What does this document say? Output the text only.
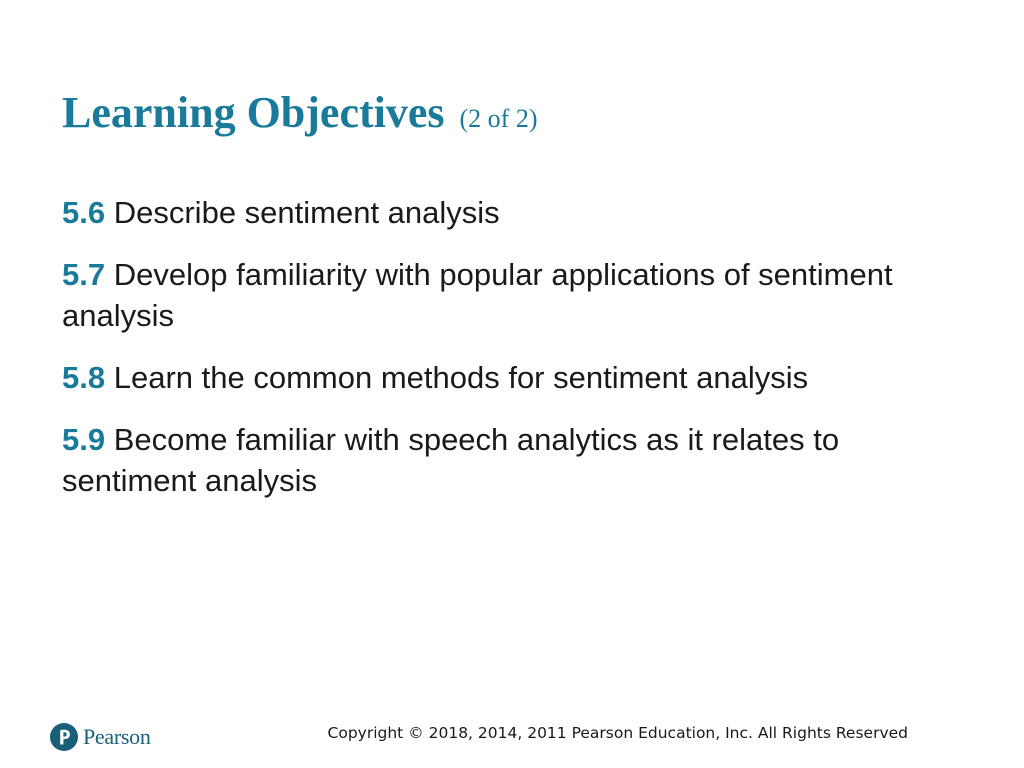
Learning Objectives (2 of 2)
5.6 Describe sentiment analysis
5.7 Develop familiarity with popular applications of sentiment analysis
5.8 Learn the common methods for sentiment analysis
5.9 Become familiar with speech analytics as it relates to sentiment analysis
Pearson	Copyright © 2018, 2014, 2011 Pearson Education, Inc. All Rights Reserved
